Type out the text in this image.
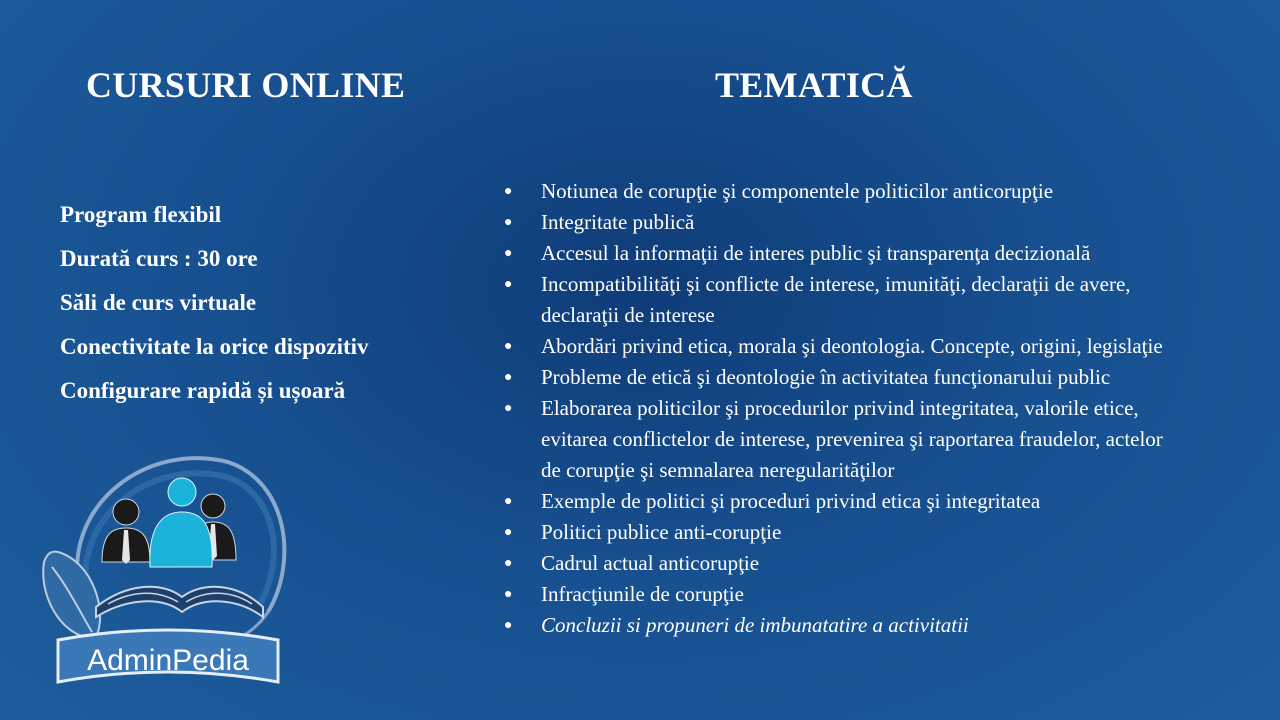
CURSURI ONLINE	TEMATICĂ
Program flexibil
Durată curs : 30 ore
Săli de curs virtuale
Conectivitate la orice dispozitiv
Configurare rapidă și ușoară
● Notiunea de corupţie şi componentele politicilor anticorupţie
● Integritate publică
● Accesul la informaţii de interes public şi transparenţa decizională
● Incompatibilităţi şi conflicte de interese, imunităţi, declaraţii de avere, declaraţii de interese
● Abordări privind etica, morala şi deontologia. Concepte, origini, legislaţie
● Probleme de etică şi deontologie în activitatea funcţionarului public
● Elaborarea politicilor şi procedurilor privind integritatea, valorile etice, evitarea conflictelor de interese, prevenirea şi raportarea fraudelor, actelor de corupţie şi semnalarea neregularităţilor
● Exemple de politici şi proceduri privind etica şi integritatea
● Politici publice anti-corupţie
● Cadrul actual anticorupţie
● Infracţiunile de corupţie
● Concluzii si propuneri de imbunatatire a activitatii
AdminPedia
